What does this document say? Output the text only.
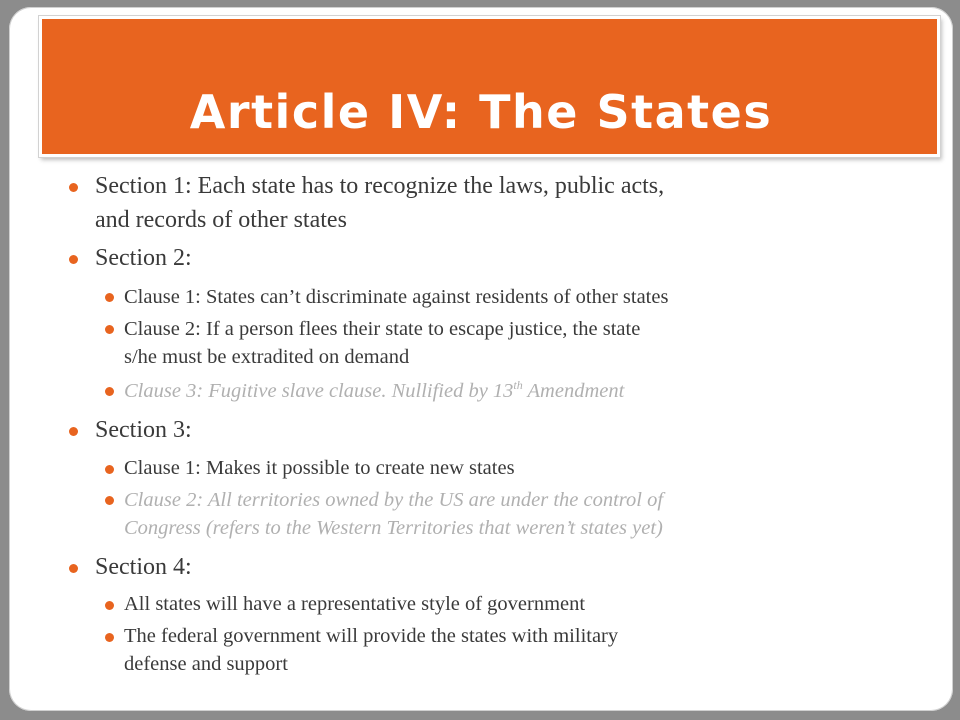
Article IV: The States
Section 1: Each state has to recognize the laws, public acts,
and records of other states
Section 2:
Clause 1: States can’t discriminate against residents of other states
Clause 2: If a person flees their state to escape justice, the state
s/he must be extradited on demand
Clause 3: Fugitive slave clause. Nullified by 13th Amendment
Section 3:
Clause 1: Makes it possible to create new states
Clause 2: All territories owned by the US are under the control of
Congress (refers to the Western Territories that weren’t states yet)
Section 4:
All states will have a representative style of government
The federal government will provide the states with military
defense and support
